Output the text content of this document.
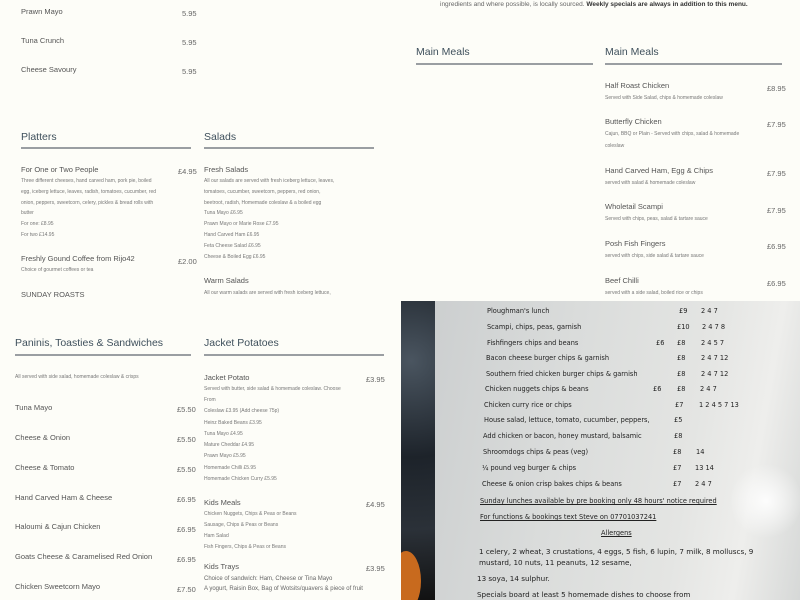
Prawn Mayo	5.95
Tuna Crunch	5.95
Cheese Savoury	5.95
Platters	Salads
For One or Two People	£4.95
Three different cheeses, hand carved ham, pork pie, boiled
egg, iceberg lettuce, leaves, radish, tomatoes, cucumber, red
onion, peppers, sweetcorn, celery, pickles & bread rolls with
butter
For one: £8.95
For two £14.95
Freshly Gound Coffee from Rijo42	£2.00
Choice of gourmet coffees or tea
SUNDAY ROASTS
Fresh Salads
All our salads are served with fresh iceberg lettuce, leaves,
tomatoes, cucumber, sweetcorn, peppers, red onion,
beetroot, radish, Homemade coleslaw & a boiled egg
Tuna Mayo £6.95
Prawn Mayo or Marie Rose £7.95
Hand Carved Ham £6.95
Feta Cheese Salad £6.95
Cheese & Boiled Egg £6.95
Warm Salads
All our warm salads are served with fresh iceberg lettuce,
ingredients and where possible, is locally sourced. Weekly specials are always in addition to this menu.
Main Meals	Main Meals
Half Roast Chicken	£8.95
Served with Side Salad, chips & homemade coleslaw
Butterfly Chicken	£7.95
Cajun, BBQ or Plain - Served with chips, salad & homemade
coleslaw
Hand Carved Ham, Egg & Chips	£7.95
served with salad & homemade coleslaw
Wholetail Scampi	£7.95
Served with chips, peas, salad & tartare sauce
Posh Fish Fingers	£6.95
served with chips, side salad & tartare sauce
Beef Chilli	£6.95
served with a side salad, boiled rice or chips
Paninis, Toasties & Sandwiches	Jacket Potatoes
All served with side salad, homemade coleslaw & crisps
Tuna Mayo	£5.50
Cheese & Onion	£5.50
Cheese & Tomato	£5.50
Hand Carved Ham & Cheese	£6.95
Haloumi & Cajun Chicken	£6.95
Goats Cheese & Caramelised Red Onion	£6.95
Chicken Sweetcorn Mayo	£7.50
Jacket Potato	£3.95
Served with butter, side salad & homemade coleslaw. Choose
From
Coleslaw £3.95 (Add cheese 75p)
Heinz Baked Beans £3.95
Tuna Mayo £4.95
Mature Cheddar £4.95
Prawn Mayo £5.95
Homemade Chilli £5.95
Homemade Chicken Curry £5.95
Kids Meals	£4.95
Chicken Nuggets, Chips & Peas or Beans
Sausage, Chips & Peas or Beans
Ham Salad
Fish Fingers, Chips & Peas or Beans
Kids Trays	£3.95
Choice of sandwich: Ham, Cheese or Tina Mayo
A yogurt, Raisin Box, Bag of Wotsits/quavers & piece of fruit
Ploughman's lunch	£9 2 4 7
Scampi, chips, peas, garnish	£10 2 4 7 8
Fishfingers chips and beans	£6 £8 2 4 5 7
Bacon cheese burger chips & garnish	£8 2 4 7 12
Southern fried chicken burger chips & garnish	£8 2 4 7 12
Chicken nuggets chips & beans	£6 £8 2 4 7
Chicken curry rice or chips	£7 1 2 4 5 7 13
House salad, lettuce, tomato, cucumber, peppers,	£5
Add chicken or bacon, honey mustard, balsamic	£8
Shroomdogs chips & peas (veg)	£8 14
¼ pound veg burger & chips	£7 13 14
Cheese & onion crisp bakes chips & beans	£7 2 4 7
Sunday lunches available by pre booking only 48 hours' notice required
For functions & bookings text Steve on 07701037241
Allergens
1 celery, 2 wheat, 3 crustations, 4 eggs, 5 fish, 6 lupin, 7 milk, 8 molluscs, 9
mustard, 10 nuts, 11 peanuts, 12 sesame,
13 soya, 14 sulphur.
Specials board at least 5 homemade dishes to choose from
